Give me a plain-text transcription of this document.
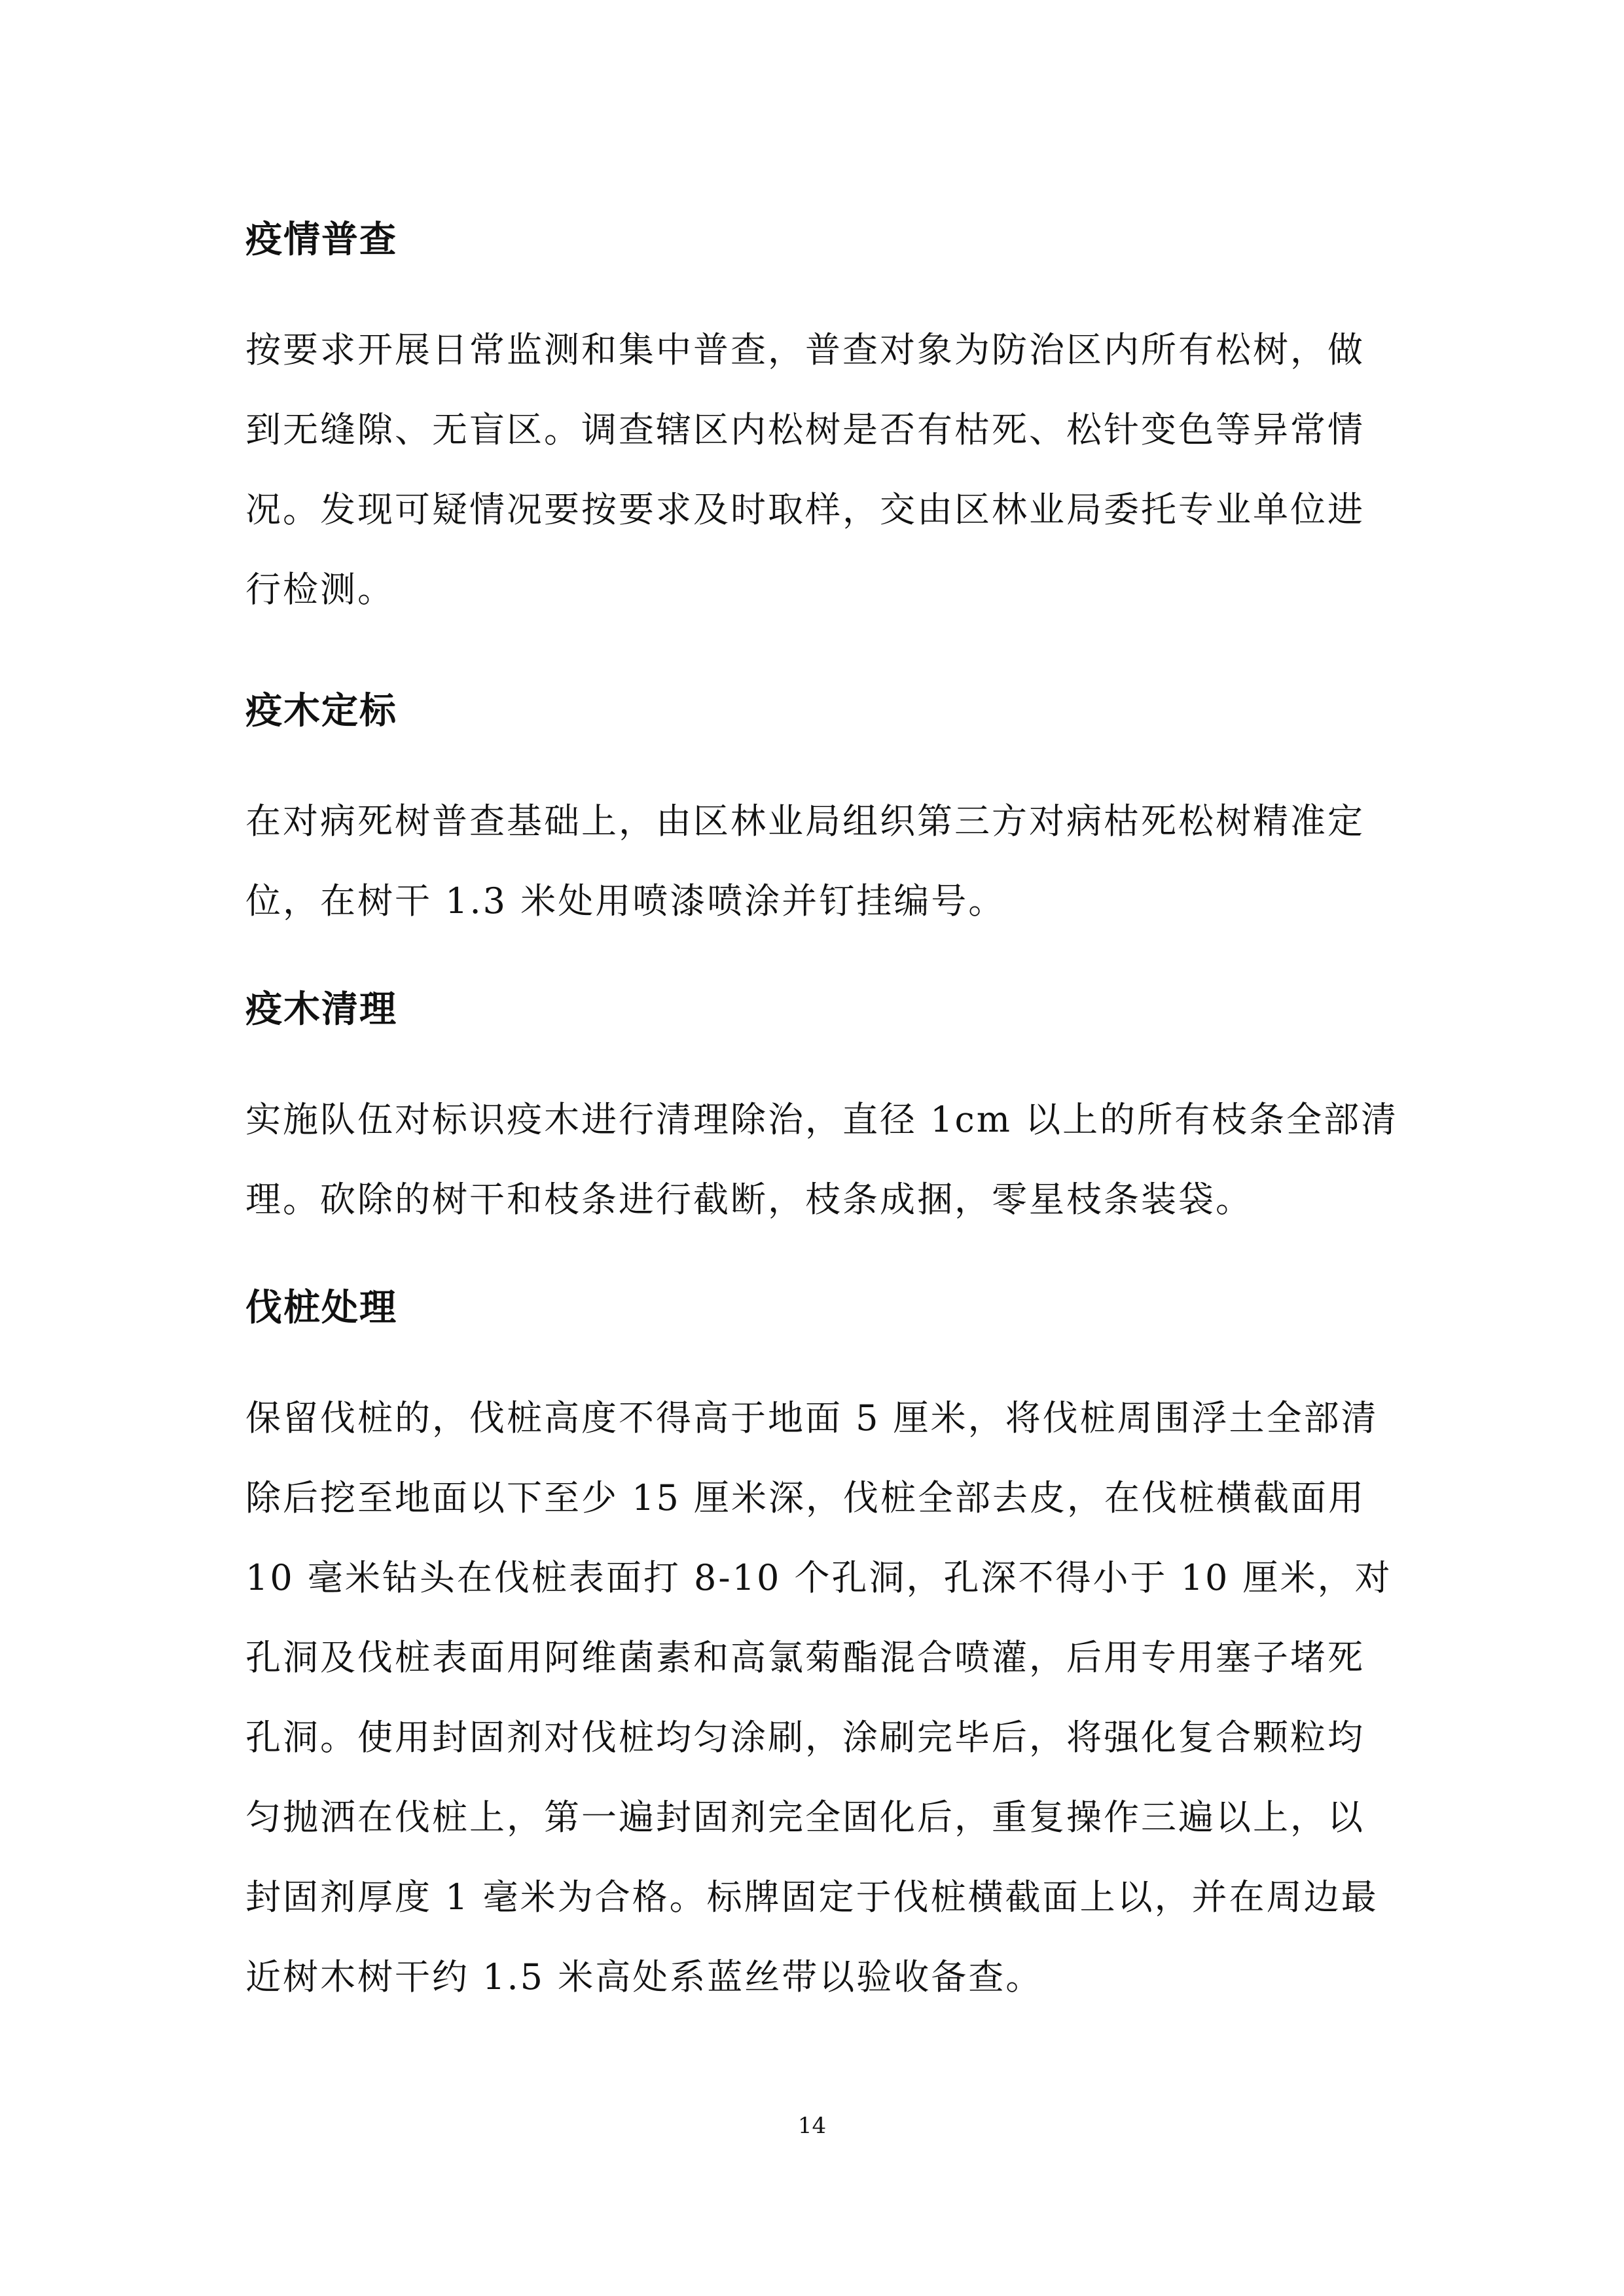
疫情普查

按要求开展日常监测和集中普查，普查对象为防治区内所有松树，做
到无缝隙、无盲区。调查辖区内松树是否有枯死、松针变色等异常情
况。发现可疑情况要按要求及时取样，交由区林业局委托专业单位进
行检测。

疫木定标

在对病死树普查基础上，由区林业局组织第三方对病枯死松树精准定
位，在树干 1.3 米处用喷漆喷涂并钉挂编号。

疫木清理

实施队伍对标识疫木进行清理除治，直径 1cm 以上的所有枝条全部清
理。砍除的树干和枝条进行截断，枝条成捆，零星枝条装袋。

伐桩处理

保留伐桩的，伐桩高度不得高于地面 5 厘米，将伐桩周围浮土全部清
除后挖至地面以下至少 15 厘米深，伐桩全部去皮，在伐桩横截面用
10 毫米钻头在伐桩表面打 8-10 个孔洞，孔深不得小于 10 厘米，对
孔洞及伐桩表面用阿维菌素和高氯菊酯混合喷灌，后用专用塞子堵死
孔洞。使用封固剂对伐桩均匀涂刷，涂刷完毕后，将强化复合颗粒均
匀抛洒在伐桩上，第一遍封固剂完全固化后，重复操作三遍以上，以
封固剂厚度 1 毫米为合格。标牌固定于伐桩横截面上以，并在周边最
近树木树干约 1.5 米高处系蓝丝带以验收备查。

14
